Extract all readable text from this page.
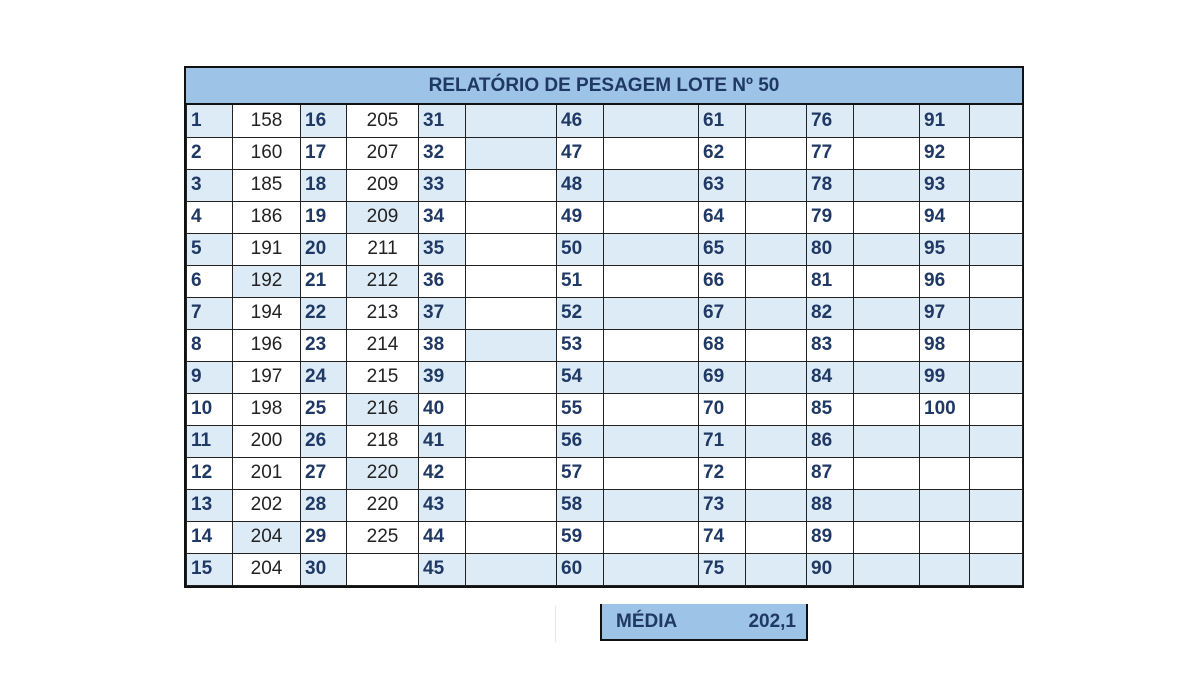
RELATÓRIO DE PESAGEM LOTE Nº 50
1	158	16	205	31		46		61		76		91	
2	160	17	207	32		47		62		77		92	
3	185	18	209	33		48		63		78		93	
4	186	19	209	34		49		64		79		94	
5	191	20	211	35		50		65		80		95	
6	192	21	212	36		51		66		81		96	
7	194	22	213	37		52		67		82		97	
8	196	23	214	38		53		68		83		98	
9	197	24	215	39		54		69		84		99	
10	198	25	216	40		55		70		85		100	
11	200	26	218	41		56		71		86			
12	201	27	220	42		57		72		87			
13	202	28	220	43		58		73		88			
14	204	29	225	44		59		74		89			
15	204	30		45		60		75		90			
MÉDIA	202,1
